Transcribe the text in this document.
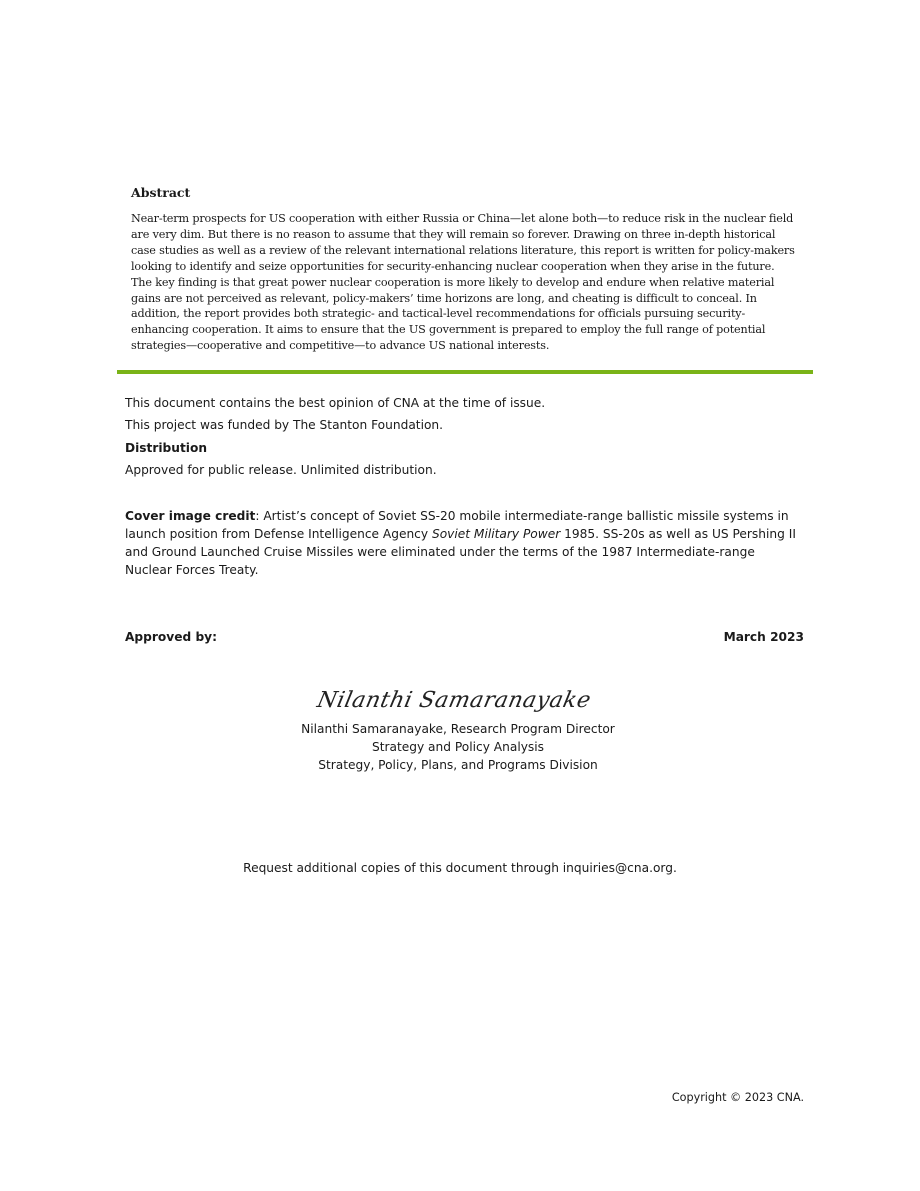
Abstract

Near-term prospects for US cooperation with either Russia or China—let alone both—to reduce risk in the nuclear field are very dim. But there is no reason to assume that they will remain so forever. Drawing on three in-depth historical case studies as well as a review of the relevant international relations literature, this report is written for policy-makers looking to identify and seize opportunities for security-enhancing nuclear cooperation when they arise in the future. The key finding is that great power nuclear cooperation is more likely to develop and endure when relative material gains are not perceived as relevant, policy-makers’ time horizons are long, and cheating is difficult to conceal. In addition, the report provides both strategic- and tactical-level recommendations for officials pursuing security-enhancing cooperation. It aims to ensure that the US government is prepared to employ the full range of potential strategies—cooperative and competitive—to advance US national interests.

This document contains the best opinion of CNA at the time of issue.

This project was funded by The Stanton Foundation.

Distribution

Approved for public release. Unlimited distribution.

Cover image credit: Artist’s concept of Soviet SS-20 mobile intermediate-range ballistic missile systems in launch position from Defense Intelligence Agency Soviet Military Power 1985. SS-20s as well as US Pershing II and Ground Launched Cruise Missiles were eliminated under the terms of the 1987 Intermediate-range Nuclear Forces Treaty.

Approved by:	March 2023
Nilanthi Samaranayake
Nilanthi Samaranayake, Research Program Director
Strategy and Policy Analysis
Strategy, Policy, Plans, and Programs Division
Request additional copies of this document through inquiries@cna.org.
Copyright © 2023 CNA.
